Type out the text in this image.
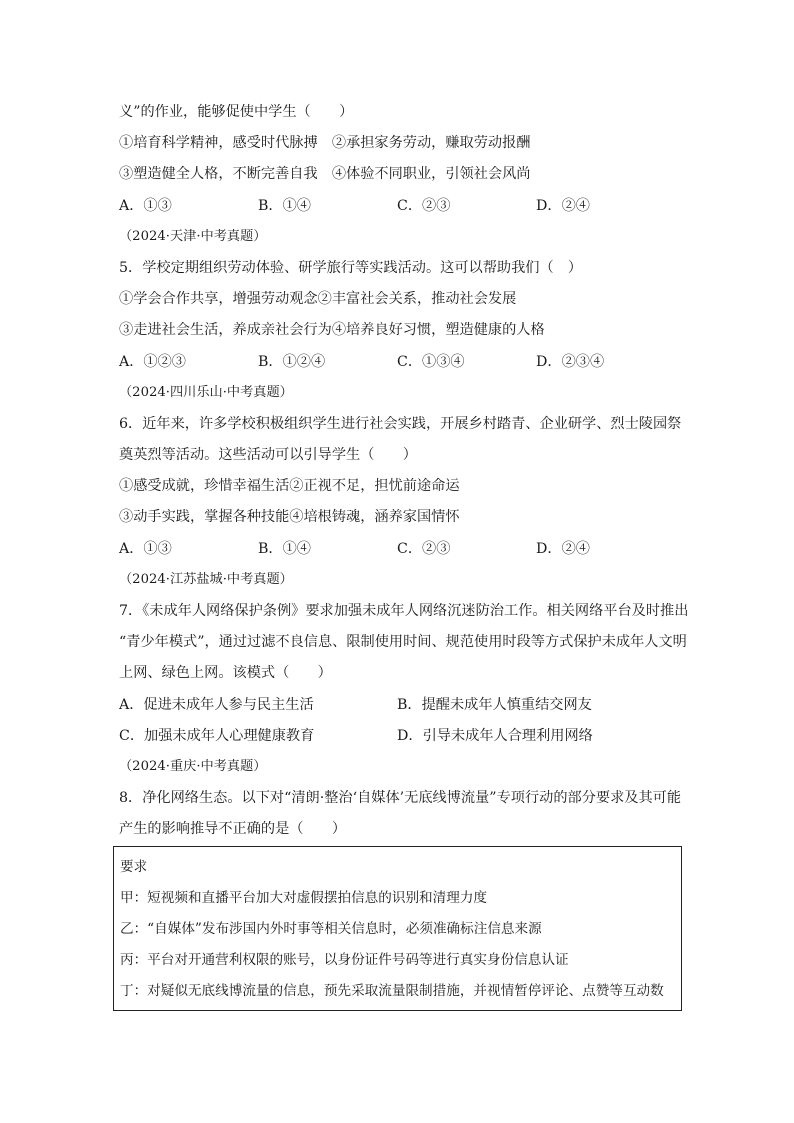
义”的作业，能够促使中学生（　　）
①培育科学精神，感受时代脉搏　②承担家务劳动，赚取劳动报酬
③塑造健全人格，不断完善自我　④体验不同职业，引领社会风尚
A．①③	B．①④	C．②③	D．②④
（2024·天津·中考真题）
5．学校定期组织劳动体验、研学旅行等实践活动。这可以帮助我们（　）
①学会合作共享，增强劳动观念②丰富社会关系，推动社会发展
③走进社会生活，养成亲社会行为④培养良好习惯，塑造健康的人格
A．①②③	B．①②④	C．①③④	D．②③④
（2024·四川乐山·中考真题）
6．近年来，许多学校积极组织学生进行社会实践，开展乡村踏青、企业研学、烈士陵园祭
奠英烈等活动。这些活动可以引导学生（　　）
①感受成就，珍惜幸福生活②正视不足，担忧前途命运
③动手实践，掌握各种技能④培根铸魂，涵养家国情怀
A．①③	B．①④	C．②③	D．②④
（2024·江苏盐城·中考真题）
7．《未成年人网络保护条例》要求加强未成年人网络沉迷防治工作。相关网络平台及时推出
“青少年模式”，通过过滤不良信息、限制使用时间、规范使用时段等方式保护未成年人文明
上网、绿色上网。该模式（　　）
A．促进未成年人参与民主生活	B．提醒未成年人慎重结交网友
C．加强未成年人心理健康教育	D．引导未成年人合理利用网络
（2024·重庆·中考真题）
8．净化网络生态。以下对“清朗·整治‘自媒体’无底线博流量”专项行动的部分要求及其可能
产生的影响推导不正确的是（　　）
要求
甲：短视频和直播平台加大对虚假摆拍信息的识别和清理力度
乙：“自媒体”发布涉国内外时事等相关信息时，必须准确标注信息来源
丙：平台对开通营利权限的账号，以身份证件号码等进行真实身份信息认证
丁：对疑似无底线博流量的信息，预先采取流量限制措施，并视情暂停评论、点赞等互动数
